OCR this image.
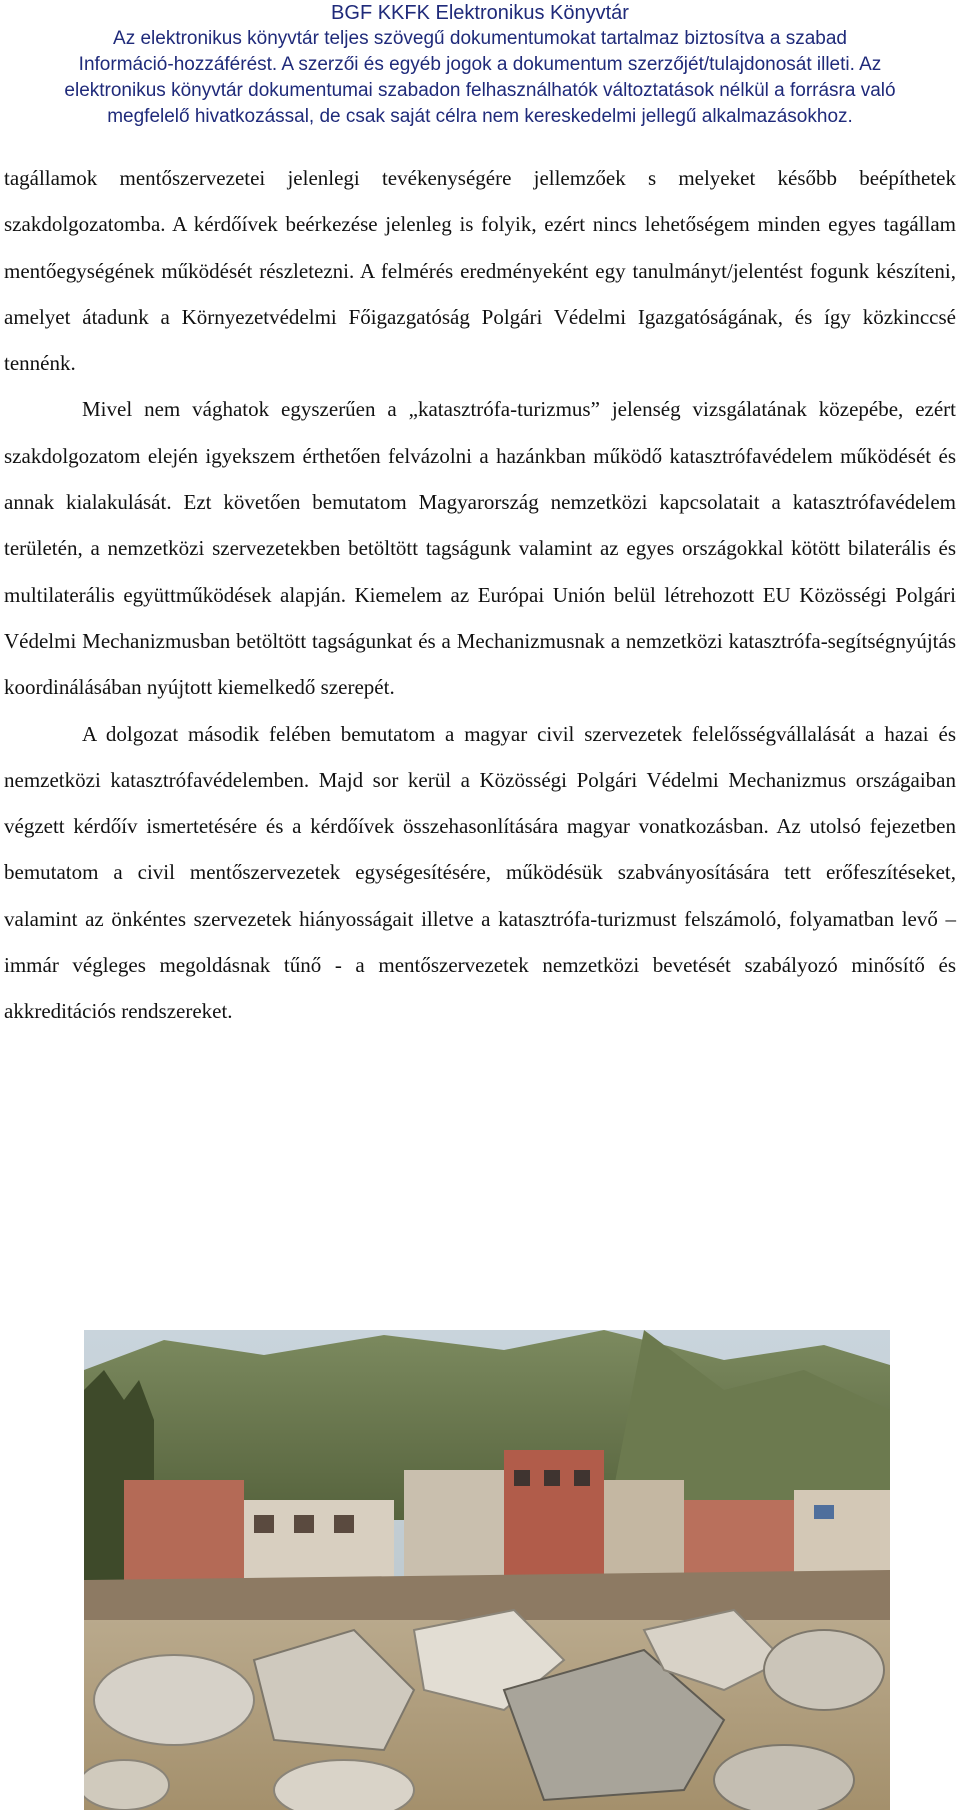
BGF KKFK Elektronikus Könyvtár
Az elektronikus könyvtár teljes szövegű dokumentumokat tartalmaz biztosítva a szabad
Információ-hozzáférést. A szerzői és egyéb jogok a dokumentum szerzőjét/tulajdonosát illeti. Az
elektronikus könyvtár dokumentumai szabadon felhasználhatók változtatások nélkül a forrásra való
megfelelő hivatkozással, de csak saját célra nem kereskedelmi jellegű alkalmazásokhoz.

tagállamok mentőszervezetei jelenlegi tevékenységére jellemzőek s melyeket később beépíthetek szakdolgozatomba. A kérdőívek beérkezése jelenleg is folyik, ezért nincs lehetőségem minden egyes tagállam mentőegységének működését részletezni. A felmérés eredményeként egy tanulmányt/jelentést fogunk készíteni, amelyet átadunk a Környezetvédelmi Főigazgatóság Polgári Védelmi Igazgatóságának, és így közkinccsé tennénk.

Mivel nem vághatok egyszerűen a „katasztrófa-turizmus” jelenség vizsgálatának közepébe, ezért szakdolgozatom elején igyekszem érthetően felvázolni a hazánkban működő katasztrófavédelem működését és annak kialakulását. Ezt követően bemutatom Magyarország nemzetközi kapcsolatait a katasztrófavédelem területén, a nemzetközi szervezetekben betöltött tagságunk valamint az egyes országokkal kötött bilaterális és multilaterális együttműködések alapján. Kiemelem az Európai Unión belül létrehozott EU Közösségi Polgári Védelmi Mechanizmusban betöltött tagságunkat és a Mechanizmusnak a nemzetközi katasztrófa-segítségnyújtás koordinálásában nyújtott kiemelkedő szerepét.

A dolgozat második felében bemutatom a magyar civil szervezetek felelősségvállalását a hazai és nemzetközi katasztrófavédelemben. Majd sor kerül a Közösségi Polgári Védelmi Mechanizmus országaiban végzett kérdőív ismertetésére és a kérdőívek összehasonlítására magyar vonatkozásban. Az utolsó fejezetben bemutatom a civil mentőszervezetek egységesítésére, működésük szabványosítására tett erőfeszítéseket, valamint az önkéntes szervezetek hiányosságait illetve a katasztrófa-turizmust felszámoló, folyamatban levő – immár végleges megoldásnak tűnő - a mentőszervezetek nemzetközi bevetését szabályozó minősítő és akkreditációs rendszereket.
